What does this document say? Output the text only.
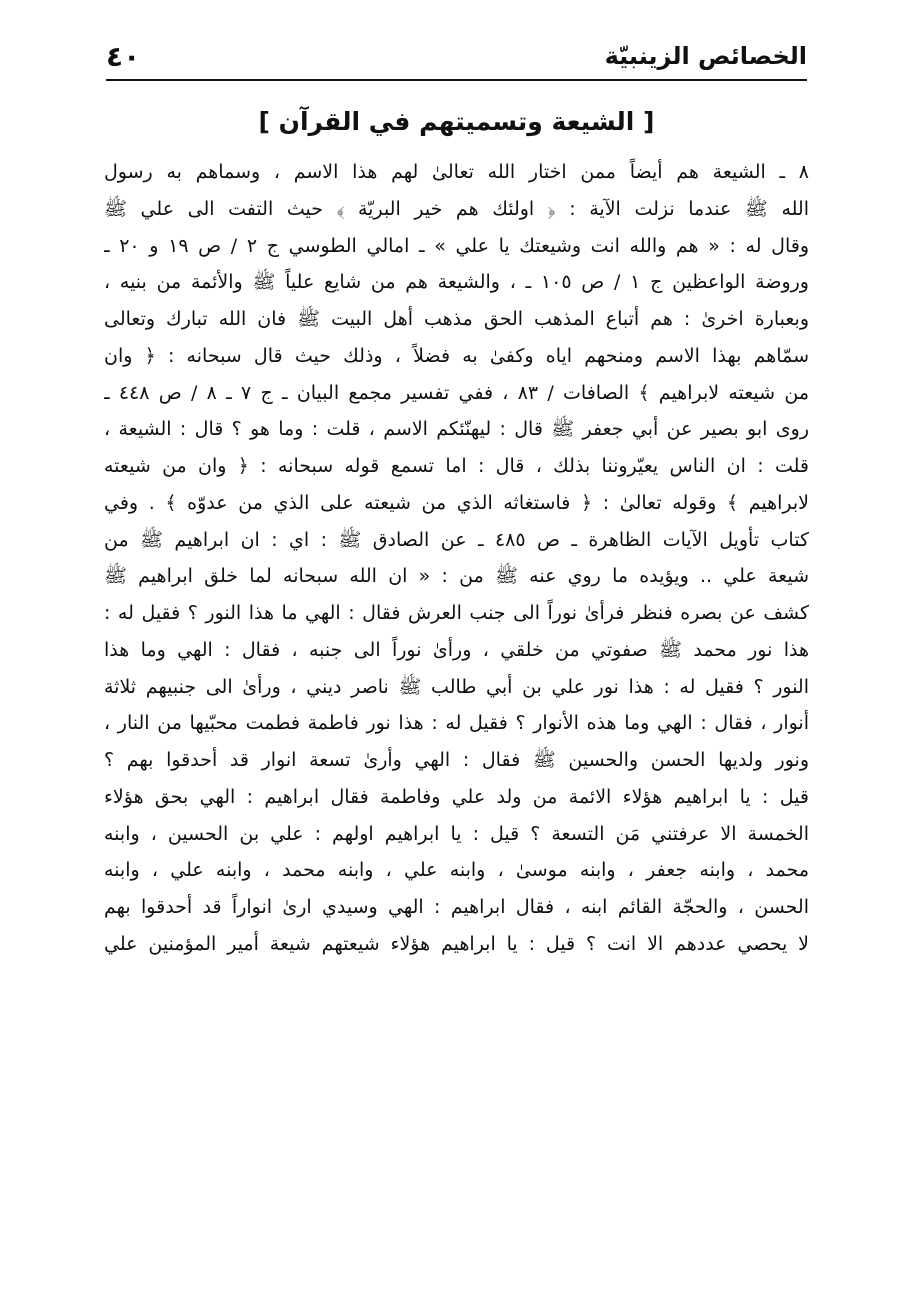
الخصائص الزينبيّة
٤٠
[ الشيعة وتسميتهم في القرآن ]
٨ ـ الشيعة هم أيضاً ممن اختار الله تعالىٰ لهم هذا الاسم ، وسماهم به رسول
الله ﷺ عندما نزلت الآية : ﴿ اولئك هم خير البريّة ﴾ حيث التفت الى علي ﷺ
وقال له : « هم والله انت وشيعتك يا علي » ـ امالي الطوسي ج ٢ / ص ١٩ و ٢٠ ـ
وروضة الواعظين ج ١ / ص ١٠٥ ـ ، والشيعة هم من شايع علياً ﷺ والأئمة من بنيه ،
وبعبارة اخرىٰ : هم أتباع المذهب الحق مذهب أهل البيت ﷺ فان الله تبارك وتعالى
سمّاهم بهذا الاسم ومنحهم اياه وكفىٰ به فضلاً ، وذلك حيث قال سبحانه : ﴿ وان
من شيعته لابراهيم ﴾ الصافات / ٨٣ ، ففي تفسير مجمع البيان ـ ج ٧ ـ ٨ / ص ٤٤٨ ـ
روى ابو بصير عن أبي جعفر ﷺ قال : ليهنّئكم الاسم ، قلت : وما هو ؟ قال : الشيعة ،
قلت : ان الناس يعيّروننا بذلك ، قال : اما تسمع قوله سبحانه : ﴿ وان من شيعته
لابراهيم ﴾ وقوله تعالىٰ : ﴿ فاستغاثه الذي من شيعته على الذي من عدوّه ﴾ . وفي
كتاب تأويل الآيات الظاهرة ـ ص ٤٨٥ ـ عن الصادق ﷺ : اي : ان ابراهيم ﷺ من
شيعة علي .. ويؤيده ما روي عنه ﷺ من : « ان الله سبحانه لما خلق ابراهيم ﷺ
كشف عن بصره فنظر فرأىٰ نوراً الى جنب العرش فقال : الهي ما هذا النور ؟ فقيل له :
هذا نور محمد ﷺ صفوتي من خلقي ، ورأىٰ نوراً الى جنبه ، فقال : الهي وما هذا
النور ؟ فقيل له : هذا نور علي بن أبي طالب ﷺ ناصر ديني ، ورأىٰ الى جنبيهم ثلاثة
أنوار ، فقال : الهي وما هذه الأنوار ؟ فقيل له : هذا نور فاطمة فطمت محبّيها من النار ،
ونور ولديها الحسن والحسين ﷺ فقال : الهي وأرىٰ تسعة انوار قد أحدقوا بهم ؟
قيل : يا ابراهيم هؤلاء الائمة من ولد علي وفاطمة فقال ابراهيم : الهي بحق هؤلاء
الخمسة الا عرفتني مَن التسعة ؟ قيل : يا ابراهيم اولهم : علي بن الحسين ، وابنه
محمد ، وابنه جعفر ، وابنه موسىٰ ، وابنه علي ، وابنه محمد ، وابنه علي ، وابنه
الحسن ، والحجّة القائم ابنه ، فقال ابراهيم : الهي وسيدي ارىٰ انواراً قد أحدقوا بهم
لا يحصي عددهم الا انت ؟ قيل : يا ابراهيم هؤلاء شيعتهم شيعة أمير المؤمنين علي
